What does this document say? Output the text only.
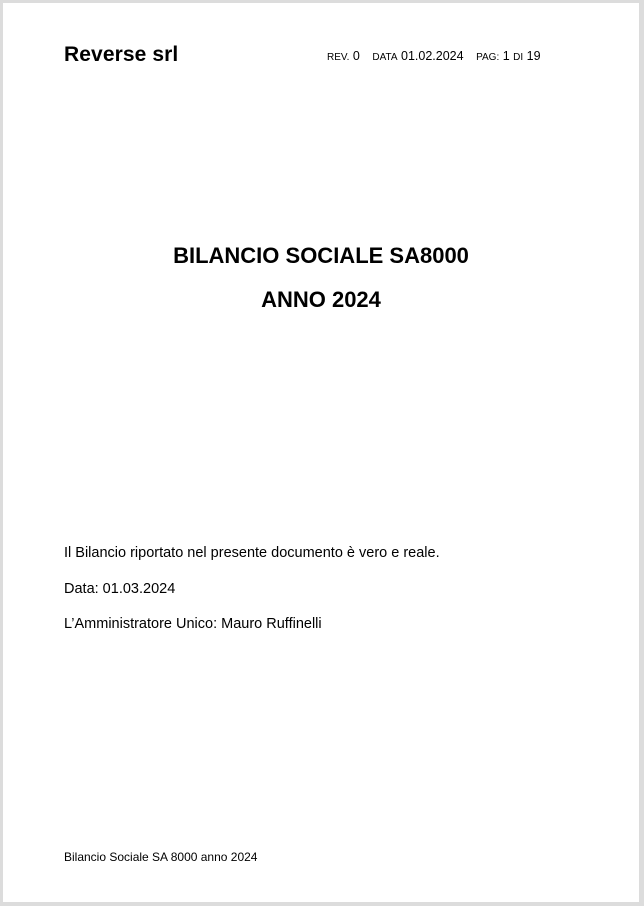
Reverse srl	REV. 0 DATA 01.02.2024 PAG: 1 DI 19
BILANCIO SOCIALE SA8000
ANNO 2024
Il Bilancio riportato nel presente documento è vero e reale.
Data: 01.03.2024
L’Amministratore Unico: Mauro Ruffinelli
Bilancio Sociale SA 8000 anno 2024
